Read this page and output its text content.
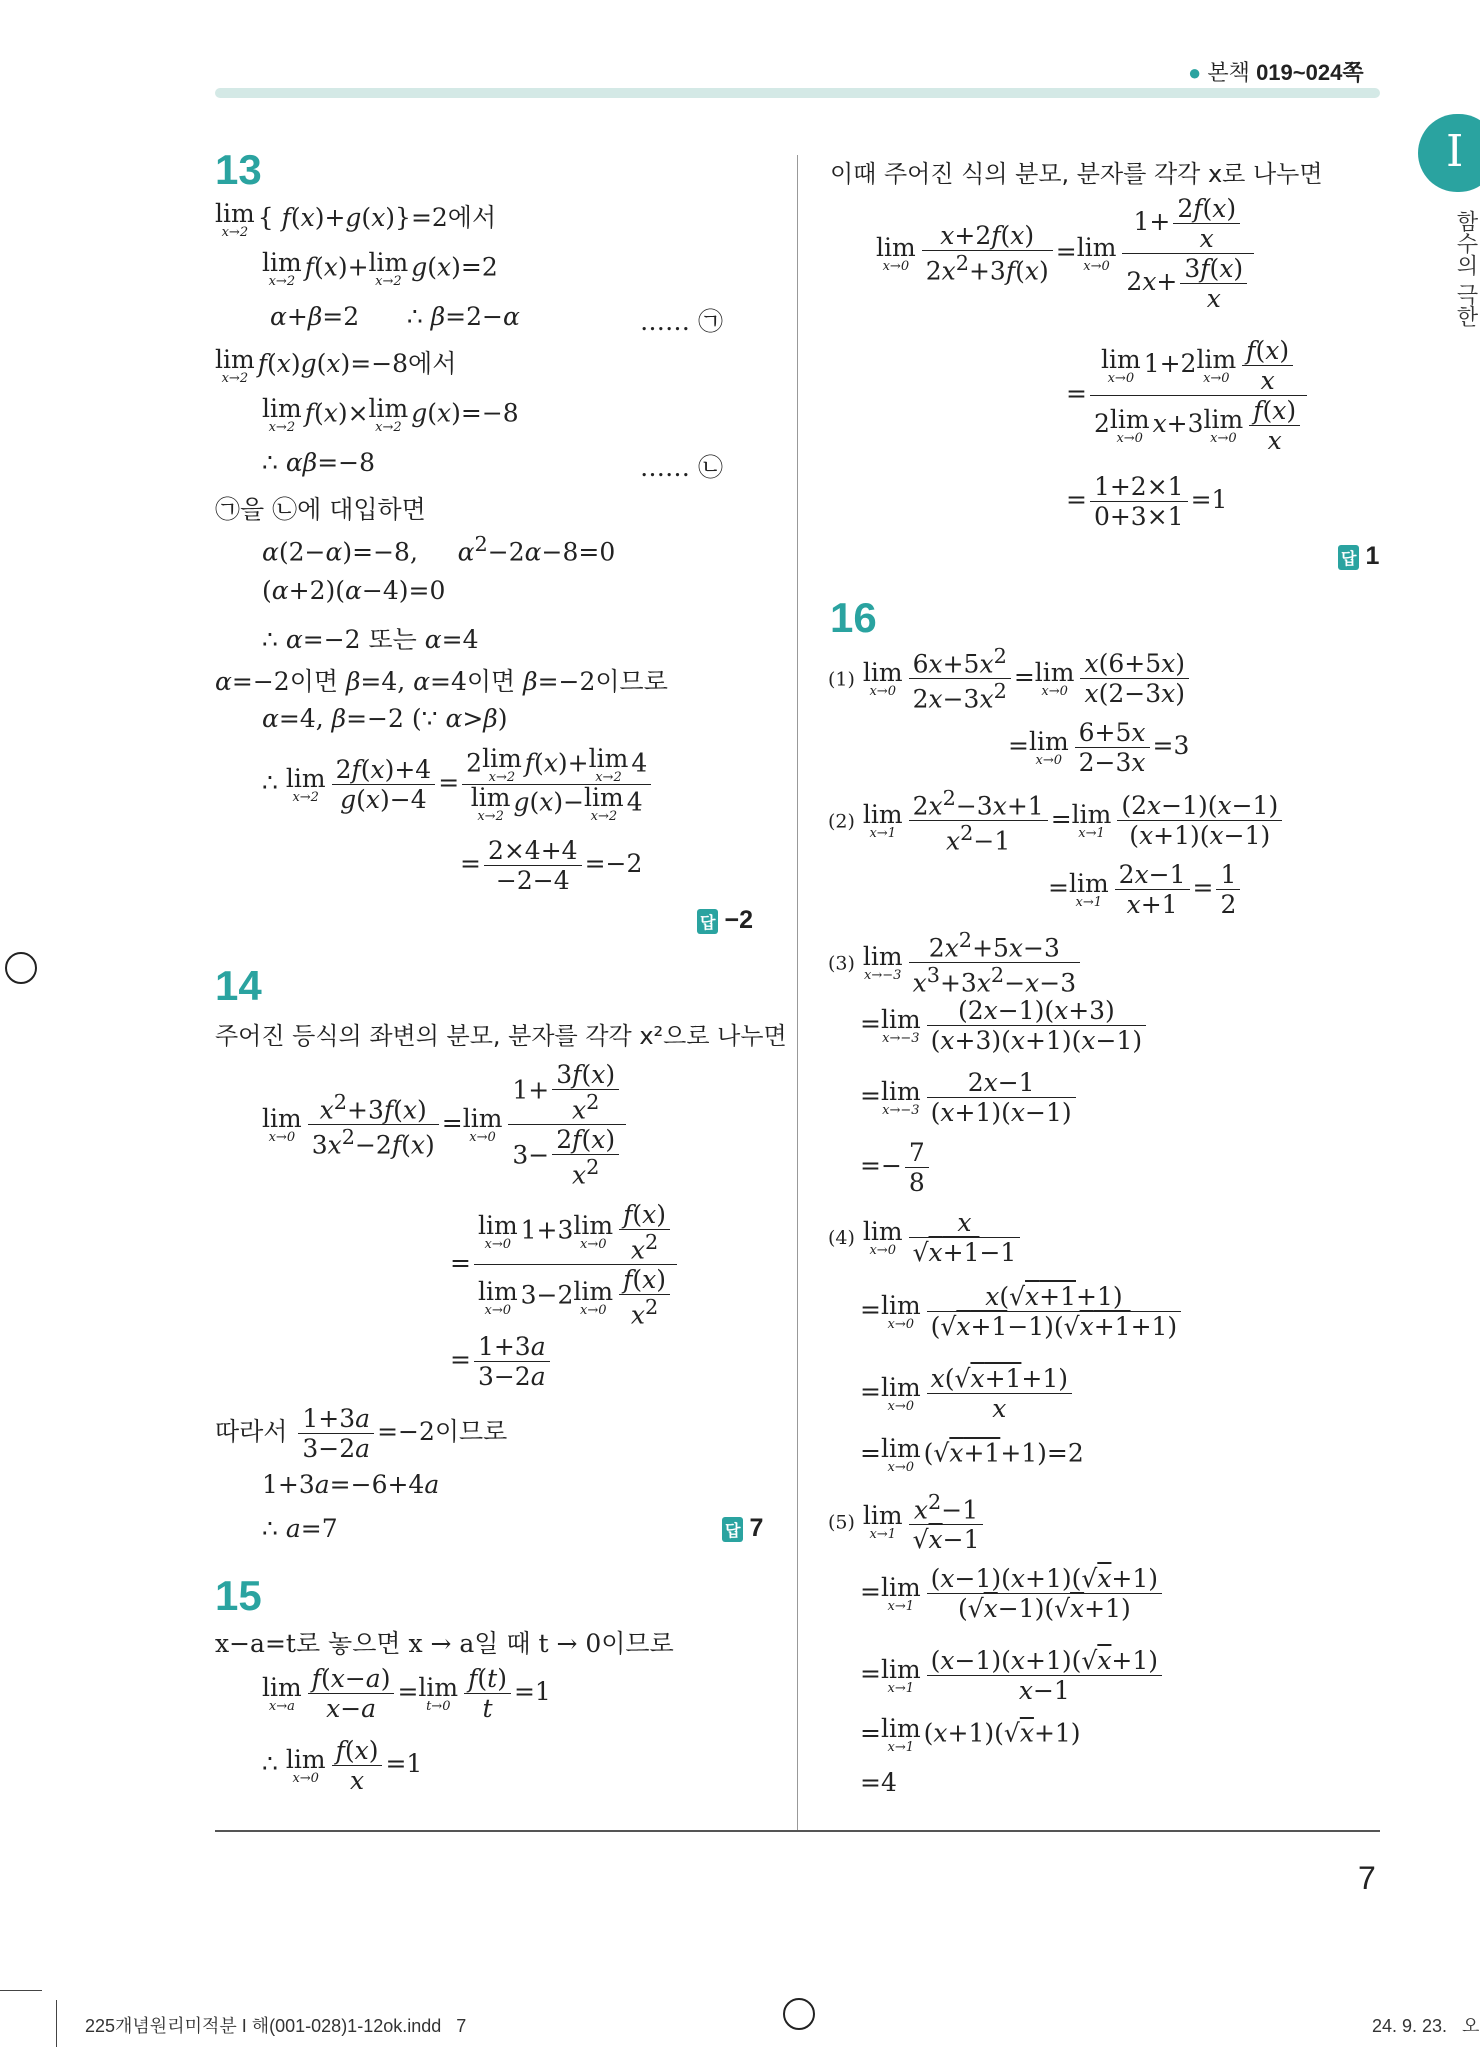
● 본책 019~024쪽
I
함수의 극한
13
lim
x→2 { f(x)+g(x)}=2에서
lim
x→2 f(x)+lim
x→2 g(x)=2
α+β=2      ∴ β=2−α	…… ㉠
lim
x→2 f(x)g(x)=−8에서
lim
x→2 f(x)×lim
x→2 g(x)=−8
∴ αβ=−8	…… ㉡
㉠을 ㉡에 대입하면
α(2−α)=−8,     $\alpha^2-2\alpha-8=0$
(α+2)(α−4)=0
∴ α=−2 또는 α=4
α=−2이면 β=4, α=4이면 β=−2이므로
α=4, β=−2 (∵ α>β)
∴ lim
$x\to 2 \frac{2f(x)+4}{g(x)-4} = 2\lim$
x→2 f(x)+lim
x→2 4
lim
x→2 g(x)−lim
x→2 4
= $\frac{2\times 4+4}{-2-4} =-2$
답 −2
14
주어진 등식의 좌변의 분모, 분자를 각각 x²으로 나누면
lim
$x\to 0 \frac{x^2+3f(x)}{3x^2-2f(x)} =\lim$
$x\to 0 \frac{1+ \frac{3f(x)}{x^2}}{3- \frac{2f(x)}{x^2}}$
= lim
x→0 1+3lim
$x\to 0 \frac{f(x)}{x^2}$
lim
x→0 3−2lim
$x\to 0 \frac{f(x)}{x^2}$
= $\frac{1+3a}{3-2a}$
따라서 $\frac{1+3a}{3-2a} =-2$이므로
1+3a=−6+4a
∴ a=7	답 7
15
x−a=t로 놓으면 x → a일 때 t → 0이므로
lim
$x\to a \frac{f(x-a)}{x-a} =\lim$
$t\to 0 \frac{f(t)}{t} =1$
∴ lim
$x\to 0 \frac{f(x)}{x} =1$
이때 주어진 식의 분모, 분자를 각각 x로 나누면
lim
$x\to 0 \frac{x+2f(x)}{2x^2+3f(x)} =\lim$
$x\to 0 \frac{1+ \frac{2f(x)}{x}}{2x+ \frac{3f(x)}{x}}$
= lim
x→0 1+2lim
$x\to 0 \frac{f(x)}{x}$
2lim
x→0 x+3lim
$x\to 0 \frac{f(x)}{x}$
= $\frac{1+2\times 1}{0+3\times 1} =1$
답 1
16
(1) lim
$x\to 0 \frac{6x+5x^2}{2x-3x^2} =\lim$
$x\to 0 \frac{x(6+5x)}{x(2-3x)}$
=lim
$x\to 0 \frac{6+5x}{2-3x} =3$
(2) lim
$x\to 1 \frac{2x^2-3x+1}{x^2-1} =\lim$
$x\to 1 \frac{(2x-1)(x-1)}{(x+1)(x-1)}$
=lim
$x\to 1 \frac{2x-1}{x+1} = \frac{1}{2}$
(3) lim
$x\to-3 \frac{2x^2+5x-3}{x^3+3x^2-x-3}$
=lim
$x\to-3 \frac{(2x-1)(x+3)}{(x+3)(x+1)(x-1)}$
=lim
$x\to-3 \frac{2x-1}{(x+1)(x-1)}$
=− $\frac{7}{8}$
(4) lim
$x\to 0 \frac{x}{√x+1-1}$
=lim
$x\to 0 \frac{x(√x+1+1)}{(√x+1-1)(√x+1+1)}$
=lim
$x\to 0 \frac{x(√x+1+1)}{x}$
=lim
x→0 (√x+1+1)=2
(5) lim
$x\to 1 \frac{x^2-1}{√x-1}$
=lim
$x\to 1 \frac{(x-1)(x+1)(√x+1)}{(√x-1)(√x+1)}$
=lim
$x\to 1 \frac{(x-1)(x+1)(√x+1)}{x-1}$
=lim
x→1 (x+1)(√x+1)
=4
7
225개념원리미적분 I 해(001-028)1-12ok.indd   7	24. 9. 23.   오
